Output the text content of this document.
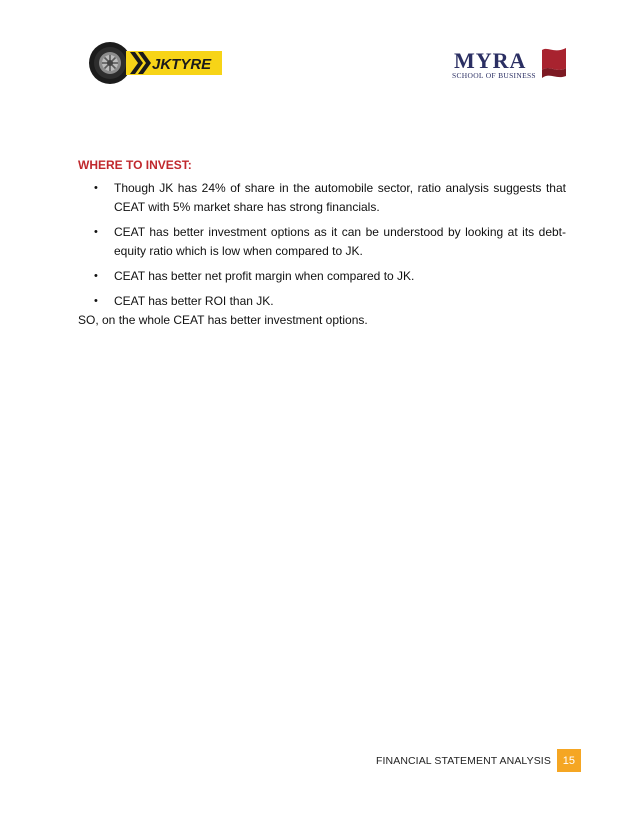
JKTYRE	MYRA
SCHOOL OF BUSINESS
WHERE TO INVEST:
• Though JK has 24% of share in the automobile sector, ratio analysis suggests that CEAT with 5% market share has strong financials.
• CEAT has better investment options as it can be understood by looking at its debt-equity ratio which is low when compared to JK.
• CEAT has better net profit margin when compared to JK.
• CEAT has better ROI than JK.

SO, on the whole CEAT has better investment options.

FINANCIAL STATEMENT ANALYSIS	15
